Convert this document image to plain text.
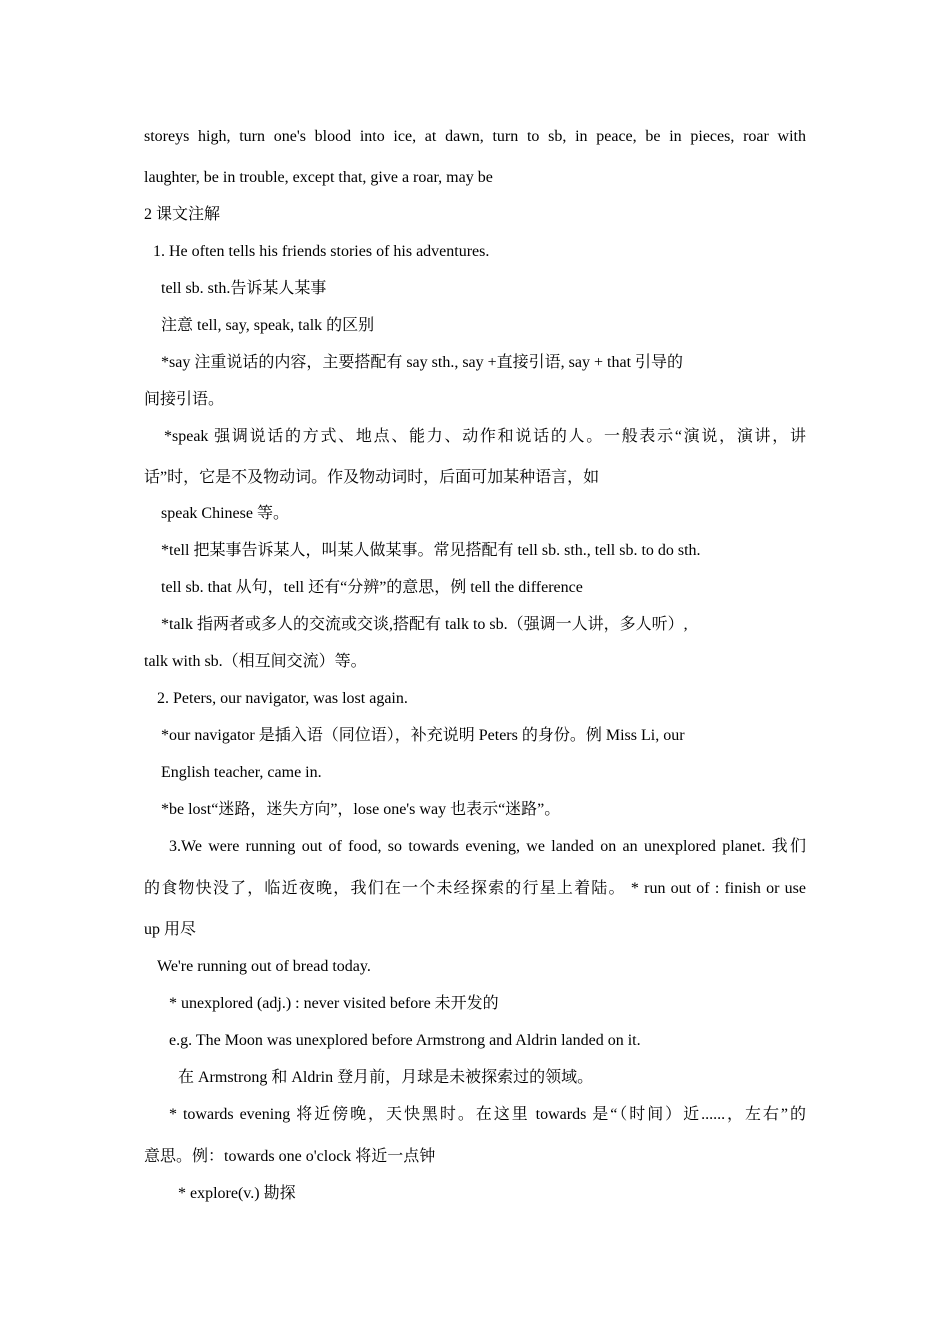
storeys high, turn one's blood into ice, at dawn, turn to sb, in peace, be in pieces, roar with
laughter, be in trouble, except that, give a roar, may be
2 课文注解
1. He often tells his friends stories of his adventures.
tell sb. sth.告诉某人某事
注意 tell, say, speak, talk 的区别
*say 注重说话的内容，主要搭配有 say sth., say +直接引语, say + that 引导的
间接引语。
*speak 强调说话的方式、地点、能力、动作和说话的人。一般表示“演说，演讲，讲
话”时，它是不及物动词。作及物动词时，后面可加某种语言，如
speak Chinese 等。
*tell 把某事告诉某人，叫某人做某事。常见搭配有 tell sb. sth., tell sb. to do sth.
tell sb. that 从句，tell 还有“分辨”的意思，例 tell the difference
*talk 指两者或多人的交流或交谈,搭配有 talk to sb.（强调一人讲，多人听）,
talk with sb.（相互间交流）等。
2. Peters, our navigator, was lost again.
*our navigator 是插入语（同位语），补充说明 Peters 的身份。例 Miss Li, our
English teacher, came in.
*be lost“迷路，迷失方向”，lose one's way 也表示“迷路”。
3.We were running out of food, so towards evening, we landed on an unexplored planet. 我们
的食物快没了，临近夜晚，我们在一个未经探索的行星上着陆。 * run out of : finish or use
up 用尽
We're running out of bread today.
* unexplored (adj.) : never visited before 未开发的
e.g. The Moon was unexplored before Armstrong and Aldrin landed on it.
在 Armstrong 和 Aldrin 登月前，月球是未被探索过的领域。
* towards evening 将近傍晚，天快黑时。在这里 towards 是“（时间）近......，左右”的
意思。例：towards one o'clock 将近一点钟
* explore(v.) 勘探
